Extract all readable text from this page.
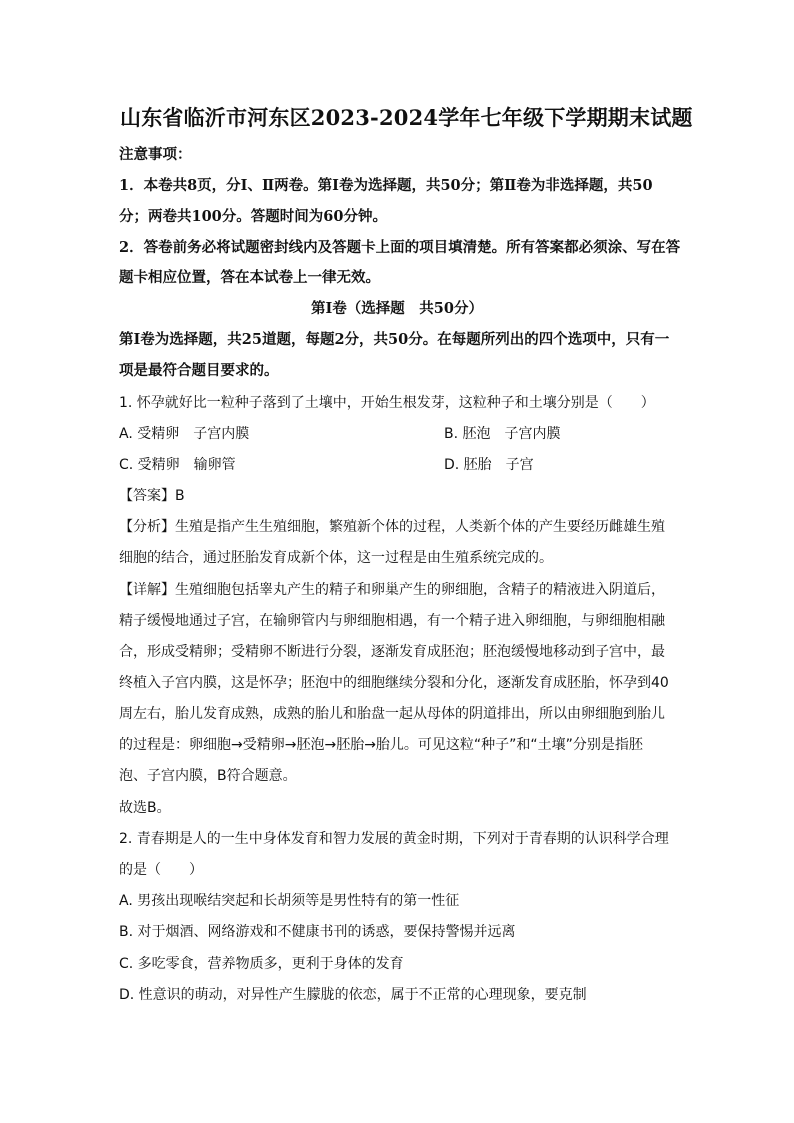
山东省临沂市河东区2023-2024学年七年级下学期期末试题
注意事项：
1．本卷共8页，分Ⅰ、Ⅱ两卷。第Ⅰ卷为选择题，共50分；第Ⅱ卷为非选择题，共50
分；两卷共100分。答题时间为60分钟。
2．答卷前务必将试题密封线内及答题卡上面的项目填清楚。所有答案都必须涂、写在答
题卡相应位置，答在本试卷上一律无效。
第Ⅰ卷（选择题　共50分）
第Ⅰ卷为选择题，共25道题，每题2分，共50分。在每题所列出的四个选项中，只有一
项是最符合题目要求的。
1. 怀孕就好比一粒种子落到了土壤中，开始生根发芽，这粒种子和土壤分别是（　　）
A. 受精卵　子宫内膜	B. 胚泡　子宫内膜
C. 受精卵　输卵管	D. 胚胎　子宫
【答案】B
【分析】生殖是指产生生殖细胞，繁殖新个体的过程，人类新个体的产生要经历雌雄生殖
细胞的结合，通过胚胎发育成新个体，这一过程是由生殖系统完成的。
【详解】生殖细胞包括睾丸产生的精子和卵巢产生的卵细胞，含精子的精液进入阴道后，
精子缓慢地通过子宫，在输卵管内与卵细胞相遇，有一个精子进入卵细胞，与卵细胞相融
合，形成受精卵；受精卵不断进行分裂，逐渐发育成胚泡；胚泡缓慢地移动到子宫中，最
终植入子宫内膜，这是怀孕；胚泡中的细胞继续分裂和分化，逐渐发育成胚胎，怀孕到40
周左右，胎儿发育成熟，成熟的胎儿和胎盘一起从母体的阴道排出，所以由卵细胞到胎儿
的过程是：卵细胞→受精卵→胚泡→胚胎→胎儿。可见这粒“种子”和“土壤”分别是指胚
泡、子宫内膜，B符合题意。
故选B。
2. 青春期是人的一生中身体发育和智力发展的黄金时期，下列对于青春期的认识科学合理
的是（　　）
A. 男孩出现喉结突起和长胡须等是男性特有的第一性征
B. 对于烟酒、网络游戏和不健康书刊的诱惑，要保持警惕并远离
C. 多吃零食，营养物质多，更利于身体的发育
D. 性意识的萌动，对异性产生朦胧的依恋，属于不正常的心理现象，要克制
